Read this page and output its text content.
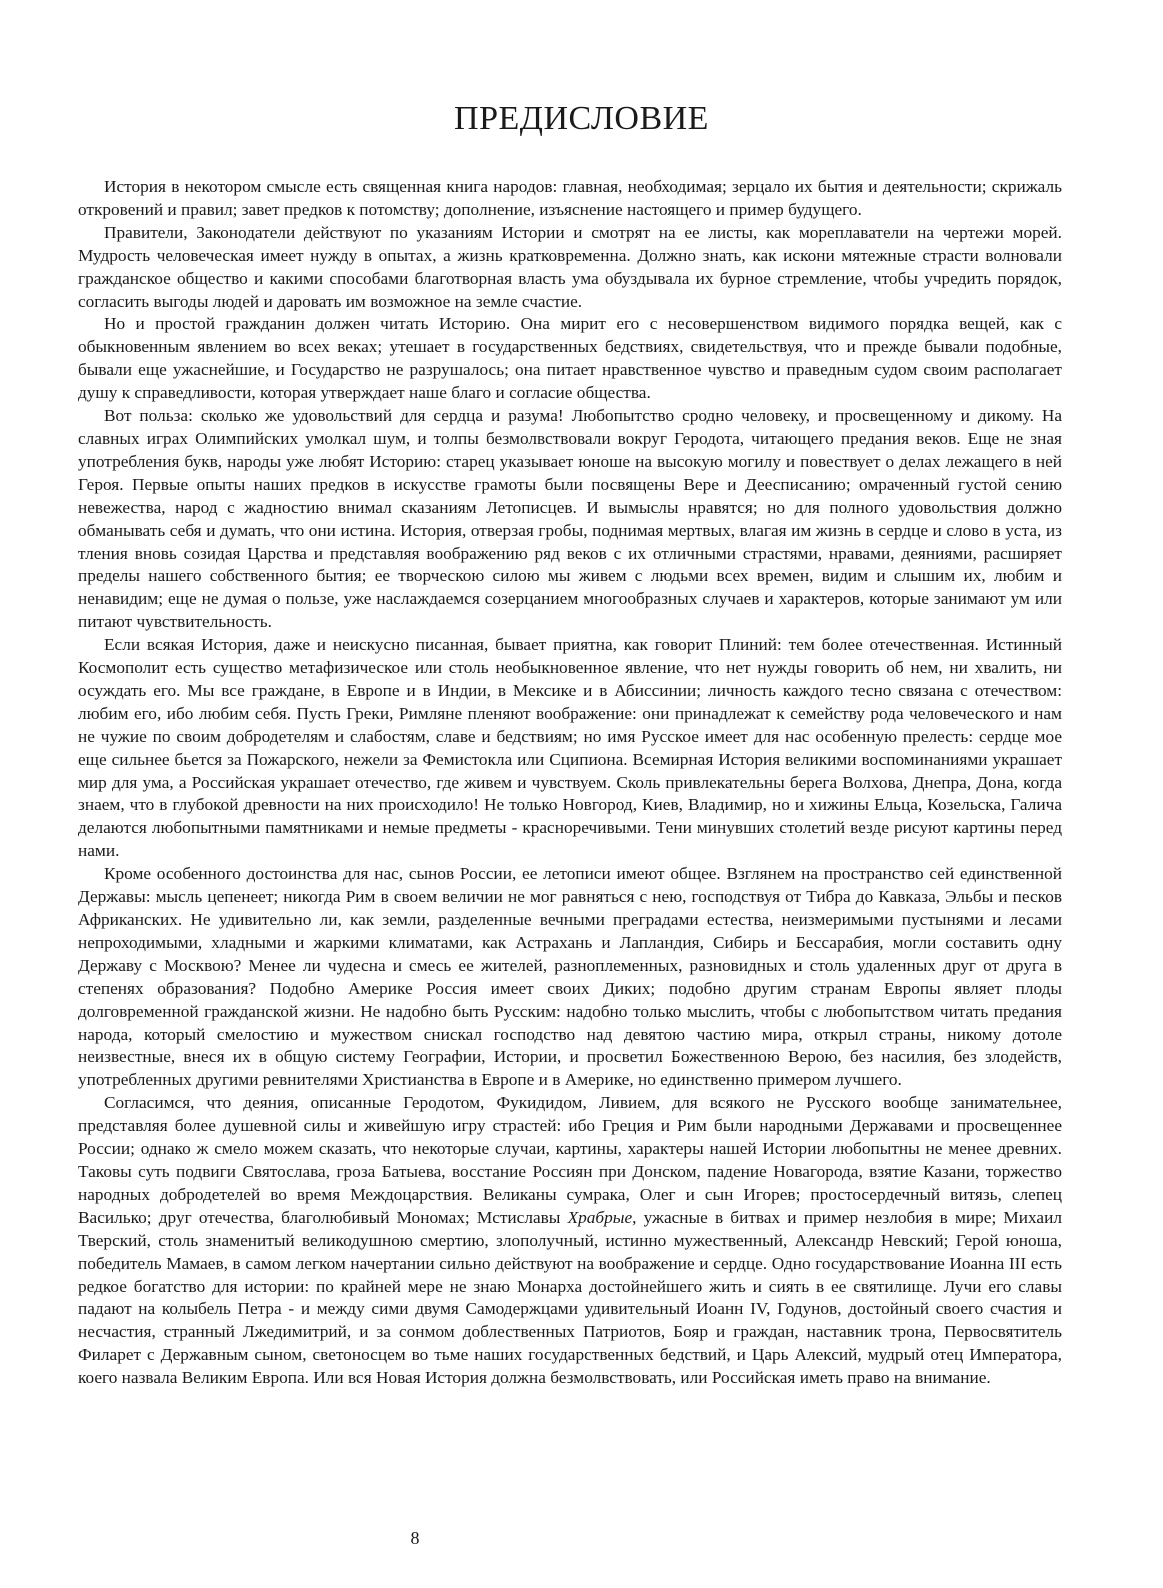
ПРЕДИСЛОВИЕ

История в некотором смысле есть священная книга народов: главная, необходимая; зерцало их бытия и деятельности; скрижаль откровений и правил; завет предков к потомству; дополнение, изъяснение настоящего и пример будущего.

Правители, Законодатели действуют по указаниям Истории и смотрят на ее листы, как мореплаватели на чертежи морей. Мудрость человеческая имеет нужду в опытах, а жизнь кратковременна. Должно знать, как искони мятежные страсти волновали гражданское общество и какими способами благотворная власть ума обуздывала их бурное стремление, чтобы учредить порядок, согласить выгоды людей и даровать им возможное на земле счастие.

Но и простой гражданин должен читать Историю. Она мирит его с несовершенством видимого порядка вещей, как с обыкновенным явлением во всех веках; утешает в государственных бедствиях, свидетельствуя, что и прежде бывали подобные, бывали еще ужаснейшие, и Государство не разрушалось; она питает нравственное чувство и праведным судом своим располагает душу к справедливости, которая утверждает наше благо и согласие общества.

Вот польза: сколько же удовольствий для сердца и разума! Любопытство сродно человеку, и просвещенному и дикому. На славных играх Олимпийских умолкал шум, и толпы безмолвствовали вокруг Геродота, читающего предания веков. Еще не зная употребления букв, народы уже любят Историю: старец указывает юноше на высокую могилу и повествует о делах лежащего в ней Героя. Первые опыты наших предков в искусстве грамоты были посвящены Вере и Деесписанию; омраченный густой сению невежества, народ с жадностию внимал сказаниям Летописцев. И вымыслы нравятся; но для полного удовольствия должно обманывать себя и думать, что они истина. История, отверзая гробы, поднимая мертвых, влагая им жизнь в сердце и слово в уста, из тления вновь созидая Царства и представляя воображению ряд веков с их отличными страстями, нравами, деяниями, расширяет пределы нашего собственного бытия; ее творческою силою мы живем с людьми всех времен, видим и слышим их, любим и ненавидим; еще не думая о пользе, уже наслаждаемся созерцанием многообразных случаев и характеров, которые занимают ум или питают чувствительность.

Если всякая История, даже и неискусно писанная, бывает приятна, как говорит Плиний: тем более отечественная. Истинный Космополит есть существо метафизическое или столь необыкновенное явление, что нет нужды говорить об нем, ни хвалить, ни осуждать его. Мы все граждане, в Европе и в Индии, в Мексике и в Абиссинии; личность каждого тесно связана с отечеством: любим его, ибо любим себя. Пусть Греки, Римляне пленяют воображение: они принадлежат к семейству рода человеческого и нам не чужие по своим добродетелям и слабостям, славе и бедствиям; но имя Русское имеет для нас особенную прелесть: сердце мое еще сильнее бьется за Пожарского, нежели за Фемистокла или Сципиона. Всемирная История великими воспоминаниями украшает мир для ума, а Российская украшает отечество, где живем и чувствуем. Сколь привлекательны берега Волхова, Днепра, Дона, когда знаем, что в глубокой древности на них происходило! Не только Новгород, Киев, Владимир, но и хижины Ельца, Козельска, Галича делаются любопытными памятниками и немые предметы - красноречивыми. Тени минувших столетий везде рисуют картины перед нами.

Кроме особенного достоинства для нас, сынов России, ее летописи имеют общее. Взглянем на пространство сей единственной Державы: мысль цепенеет; никогда Рим в своем величии не мог равняться с нею, господствуя от Тибра до Кавказа, Эльбы и песков Африканских. Не удивительно ли, как земли, разделенные вечными преградами естества, неизмеримыми пустынями и лесами непроходимыми, хладными и жаркими климатами, как Астрахань и Лапландия, Сибирь и Бессарабия, могли составить одну Державу с Москвою? Менее ли чудесна и смесь ее жителей, разноплеменных, разновидных и столь удаленных друг от друга в степенях образования? Подобно Америке Россия имеет своих Диких; подобно другим странам Европы являет плоды долговременной гражданской жизни. Не надобно быть Русским: надобно только мыслить, чтобы с любопытством читать предания народа, который смелостию и мужеством снискал господство над девятою частию мира, открыл страны, никому дотоле неизвестные, внеся их в общую систему Географии, Истории, и просветил Божественною Верою, без насилия, без злодейств, употребленных другими ревнителями Христианства в Европе и в Америке, но единственно примером лучшего.

Согласимся, что деяния, описанные Геродотом, Фукидидом, Ливием, для всякого не Русского вообще занимательнее, представляя более душевной силы и живейшую игру страстей: ибо Греция и Рим были народными Державами и просвещеннее России; однако ж смело можем сказать, что некоторые случаи, картины, характеры нашей Истории любопытны не менее древних. Таковы суть подвиги Святослава, гроза Батыева, восстание Россиян при Донском, падение Новагорода, взятие Казани, торжество народных добродетелей во время Междоцарствия. Великаны сумрака, Олег и сын Игорев; простосердечный витязь, слепец Василько; друг отечества, благолюбивый Мономах; Мстиславы Храбрые, ужасные в битвах и пример незлобия в мире; Михаил Тверский, столь знаменитый великодушною смертию, злополучный, истинно мужественный, Александр Невский; Герой юноша, победитель Мамаев, в самом легком начертании сильно действуют на воображение и сердце. Одно государствование Иоанна III есть редкое богатство для истории: по крайней мере не знаю Монарха достойнейшего жить и сиять в ее святилище. Лучи его славы падают на колыбель Петра - и между сими двумя Самодержцами удивительный Иоанн IV, Годунов, достойный своего счастия и несчастия, странный Лжедимитрий, и за сонмом доблественных Патриотов, Бояр и граждан, наставник трона, Первосвятитель Филарет с Державным сыном, светоносцем во тьме наших государственных бедствий, и Царь Алексий, мудрый отец Императора, коего назвала Великим Европа. Или вся Новая История должна безмолвствовать, или Российская иметь право на внимание.

8
